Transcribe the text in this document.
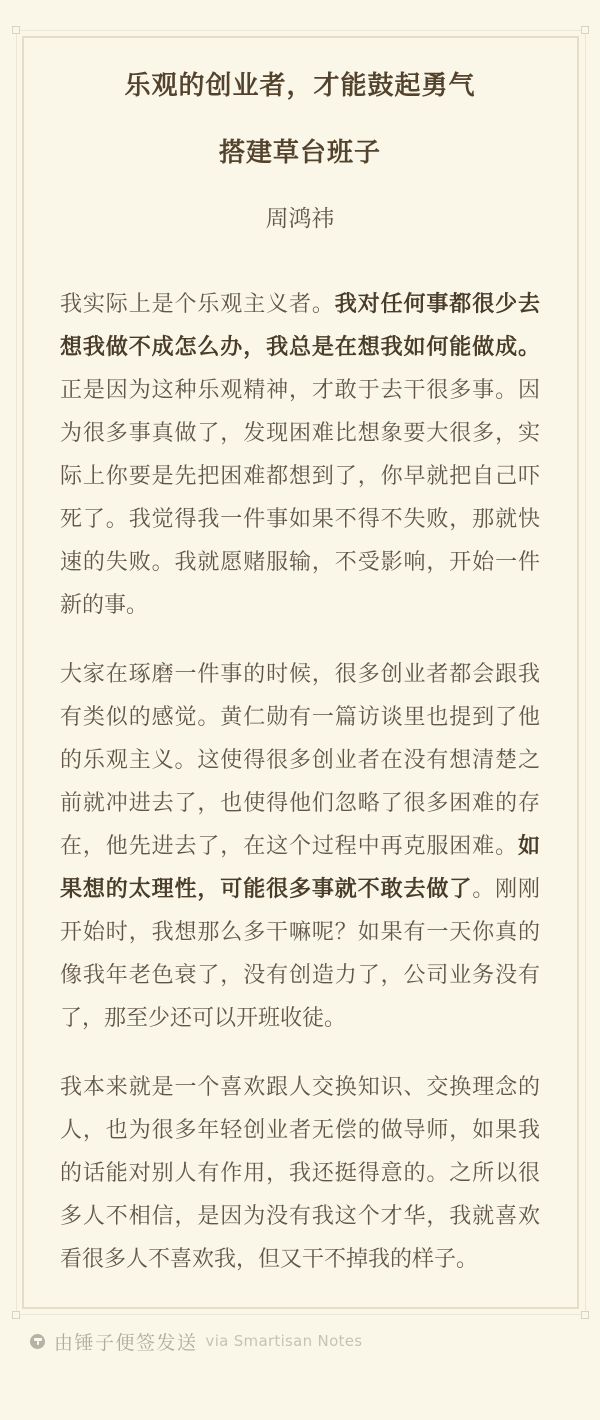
乐观的创业者，才能鼓起勇气
搭建草台班子
周鸿祎

我实际上是个乐观主义者。我对任何事都很少去想我做不成怎么办，我总是在想我如何能做成。正是因为这种乐观精神，才敢于去干很多事。因为很多事真做了，发现困难比想象要大很多，实际上你要是先把困难都想到了，你早就把自己吓死了。我觉得我一件事如果不得不失败，那就快速的失败。我就愿赌服输，不受影响，开始一件新的事。

大家在琢磨一件事的时候，很多创业者都会跟我有类似的感觉。黄仁勋有一篇访谈里也提到了他的乐观主义。这使得很多创业者在没有想清楚之前就冲进去了，也使得他们忽略了很多困难的存在，他先进去了，在这个过程中再克服困难。如果想的太理性，可能很多事就不敢去做了。刚刚开始时，我想那么多干嘛呢？如果有一天你真的像我年老色衰了，没有创造力了，公司业务没有了，那至少还可以开班收徒。

我本来就是一个喜欢跟人交换知识、交换理念的人，也为很多年轻创业者无偿的做导师，如果我的话能对别人有作用，我还挺得意的。之所以很多人不相信，是因为没有我这个才华，我就喜欢看很多人不喜欢我，但又干不掉我的样子。

由锤子便签发送 via Smartisan Notes
